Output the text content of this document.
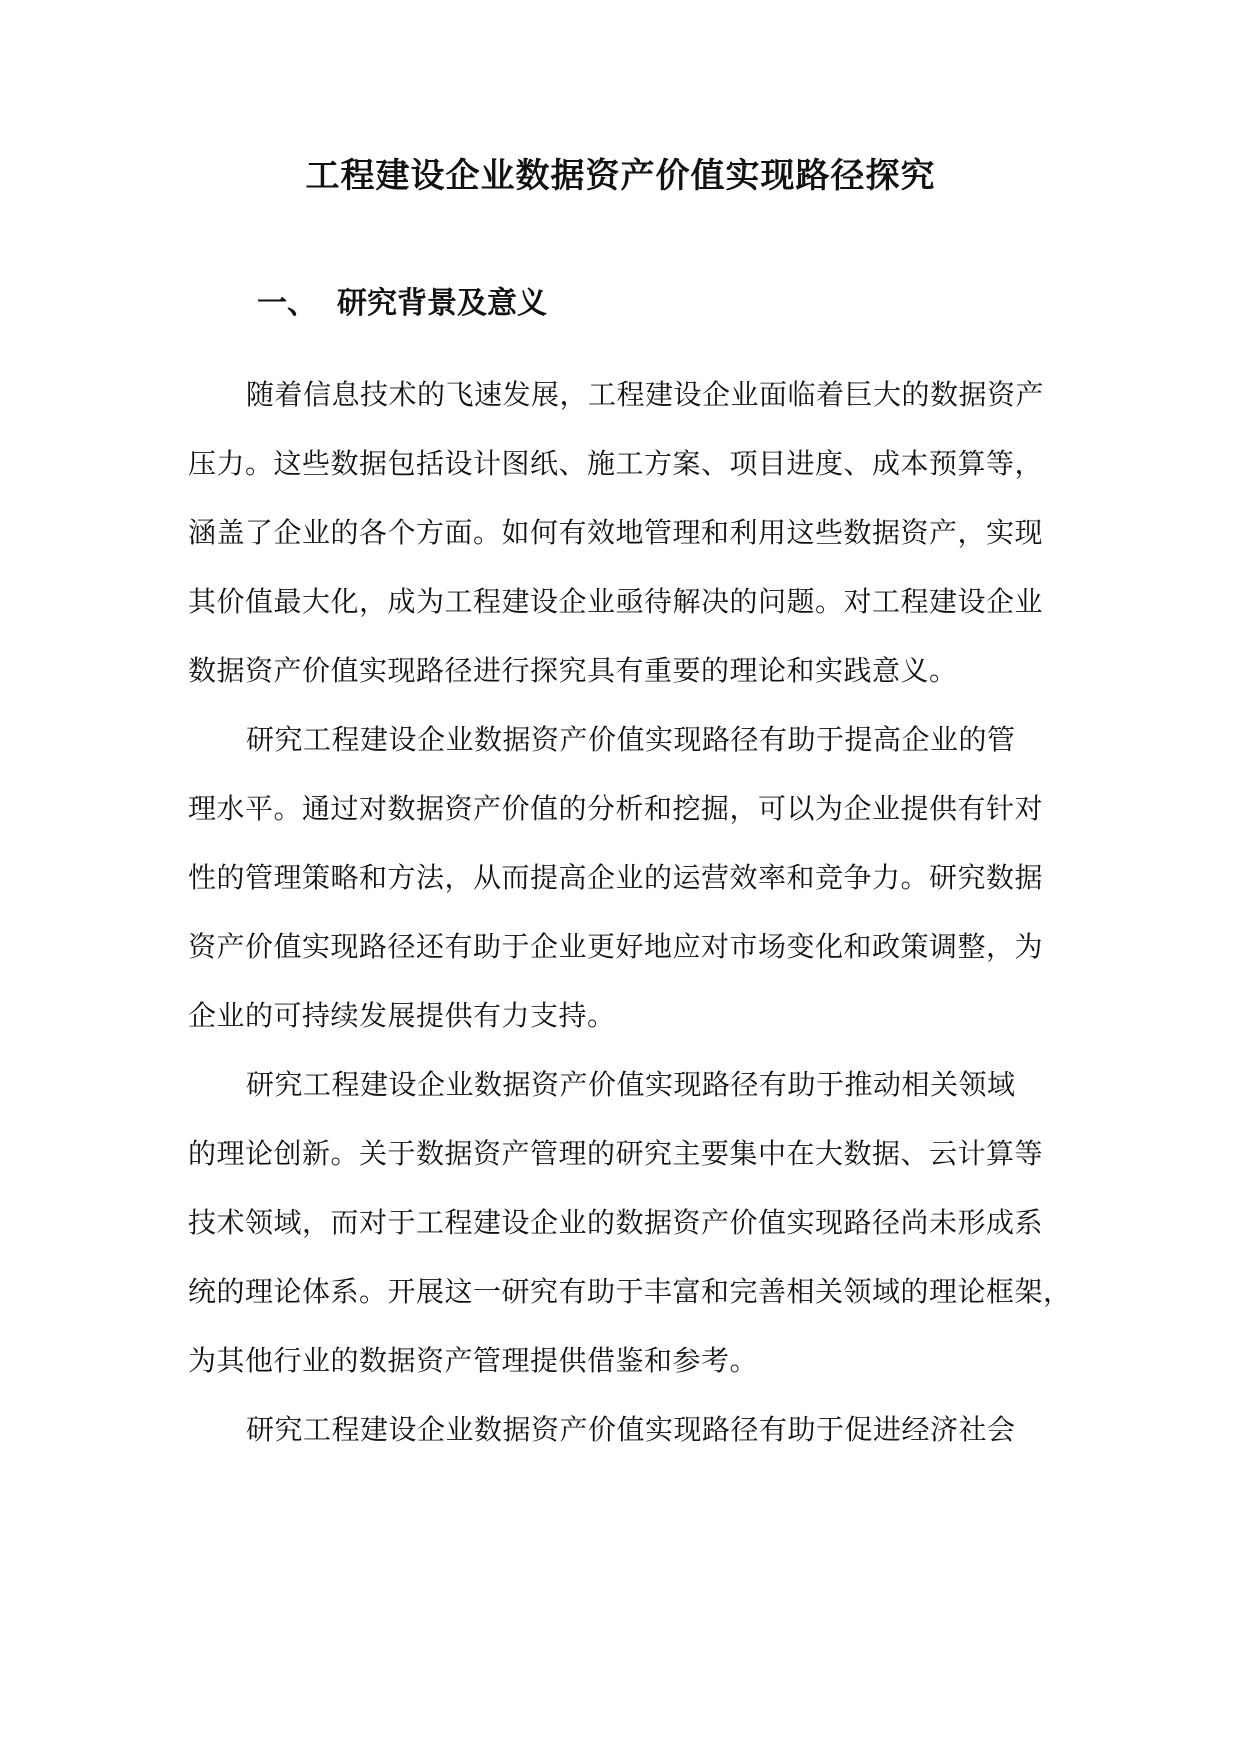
工程建设企业数据资产价值实现路径探究
一、 研究背景及意义

随着信息技术的飞速发展，工程建设企业面临着巨大的数据资产

压力。这些数据包括设计图纸、施工方案、项目进度、成本预算等，

涵盖了企业的各个方面。如何有效地管理和利用这些数据资产，实现

其价值最大化，成为工程建设企业亟待解决的问题。对工程建设企业

数据资产价值实现路径进行探究具有重要的理论和实践意义。

研究工程建设企业数据资产价值实现路径有助于提高企业的管

理水平。通过对数据资产价值的分析和挖掘，可以为企业提供有针对

性的管理策略和方法，从而提高企业的运营效率和竞争力。研究数据

资产价值实现路径还有助于企业更好地应对市场变化和政策调整，为

企业的可持续发展提供有力支持。

研究工程建设企业数据资产价值实现路径有助于推动相关领域

的理论创新。关于数据资产管理的研究主要集中在大数据、云计算等

技术领域，而对于工程建设企业的数据资产价值实现路径尚未形成系

统的理论体系。开展这一研究有助于丰富和完善相关领域的理论框架，

为其他行业的数据资产管理提供借鉴和参考。

研究工程建设企业数据资产价值实现路径有助于促进经济社会
